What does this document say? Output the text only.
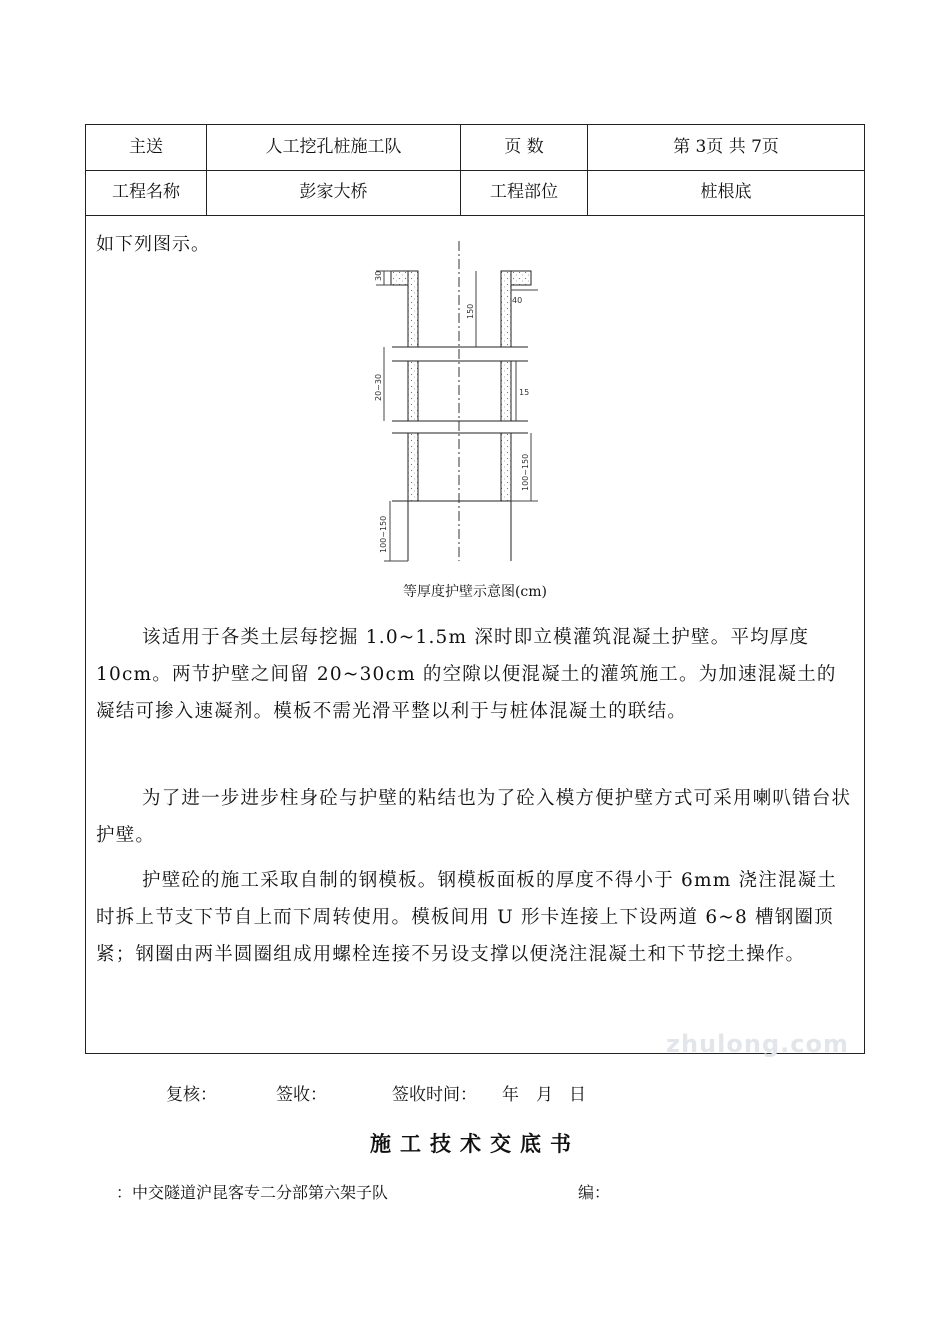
主送	人工挖孔桩施工队	页 数	第 3页 共 7页
工程名称	彭家大桥	工程部位	桩根底
如下列图示。
30
40
150
20~30	15
100~150
100~150
等厚度护壁示意图(cm)
该适用于各类土层每挖掘 1.0~1.5m 深时即立模灌筑混凝土护壁。平均厚度 10cm。两节护壁之间留 20~30cm 的空隙以便混凝土的灌筑施工。为加速混凝土的凝结可掺入速凝剂。模板不需光滑平整以利于与桩体混凝土的联结。
为了进一步进步柱身砼与护壁的粘结也为了砼入模方便护壁方式可采用喇叭错台状护壁。
护壁砼的施工采取自制的钢模板。钢模板面板的厚度不得小于 6mm 浇注混凝土时拆上节支下节自上而下周转使用。模板间用 U 形卡连接上下设两道 6~8 槽钢圈顶紧；钢圈由两半圆圈组成用螺栓连接不另设支撑以便浇注混凝土和下节挖土操作。
zhulong.com
复核：	签收：	签收时间： 年 月 日
施工技术交底书
：中交隧道沪昆客专二分部第六架子队	编：
